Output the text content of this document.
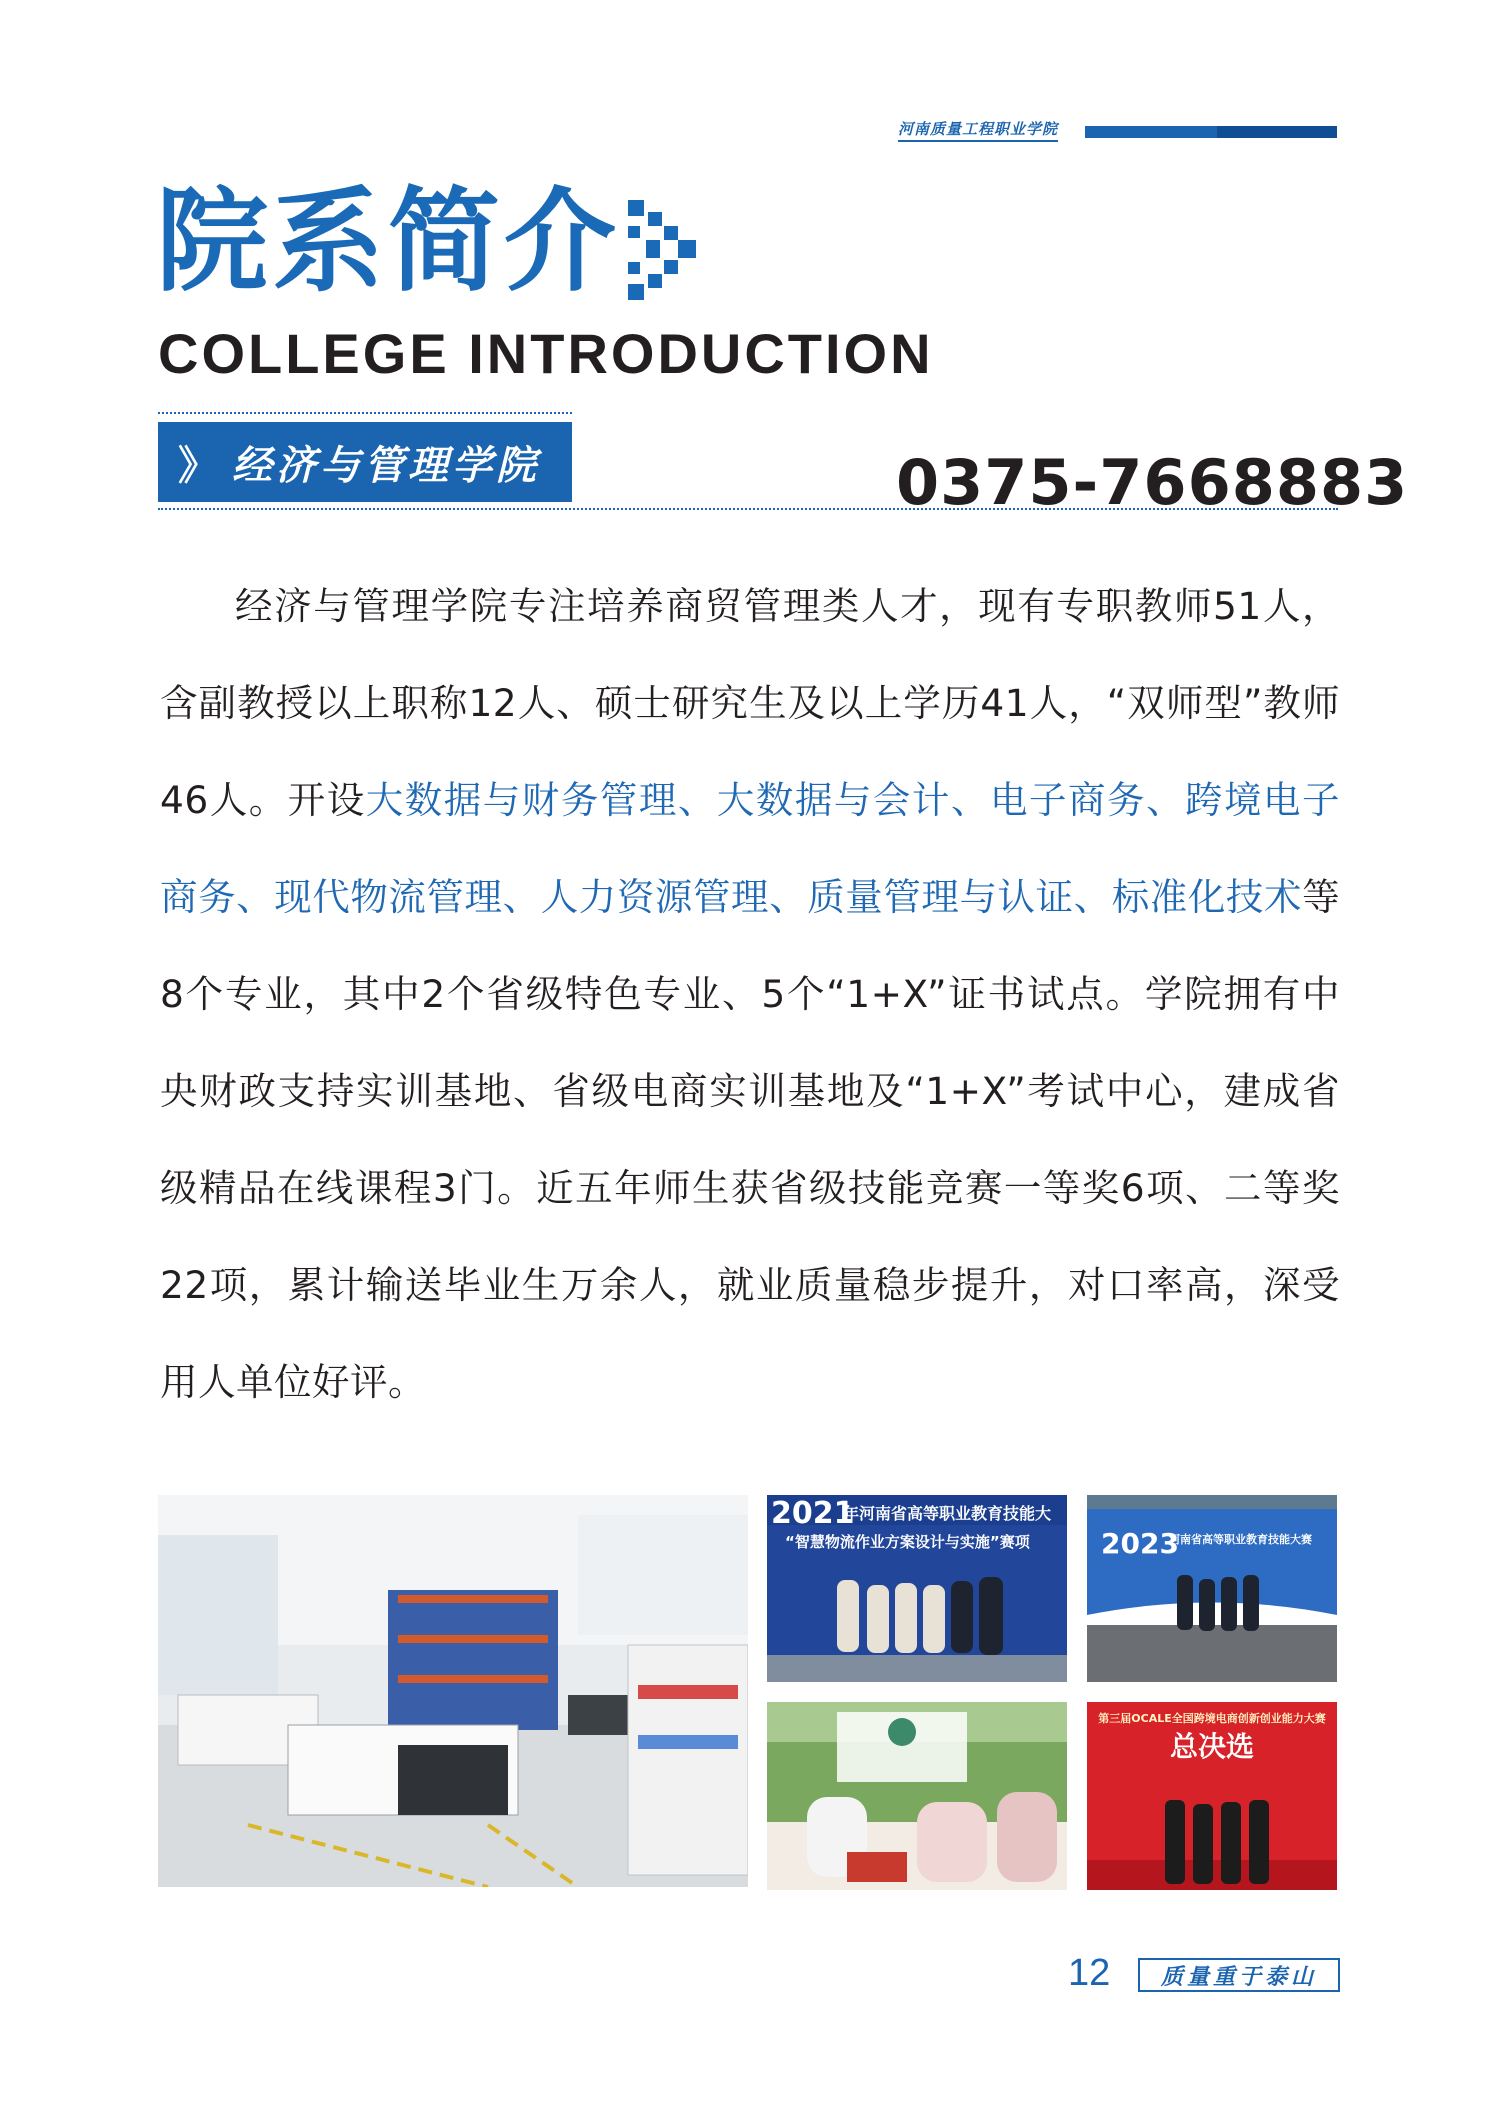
河南质量工程职业学院
院系简介
COLLEGE INTRODUCTION
》 经济与管理学院	0375-7668883
经济与管理学院专注培养商贸管理类人才，现有专职教师51人，含副教授以上职称12人、硕士研究生及以上学历41人，“双师型”教师46人。开设大数据与财务管理、大数据与会计、电子商务、跨境电子商务、现代物流管理、人力资源管理、质量管理与认证、标准化技术等8个专业，其中2个省级特色专业、5个“1+X”证书试点。学院拥有中央财政支持实训基地、省级电商实训基地及“1+X”考试中心，建成省级精品在线课程3门。近五年师生获省级技能竞赛一等奖6项、二等奖22项，累计输送毕业生万余人，就业质量稳步提升，对口率高，深受用人单位好评。
2021
年河南省高等职业教育技能大
“智慧物流作业方案设计与实施”赛项	2023
河南省高等职业教育技能大赛
第三届OCALE全国跨境电商创新创业能力大赛
总决选
12	质量重于泰山
